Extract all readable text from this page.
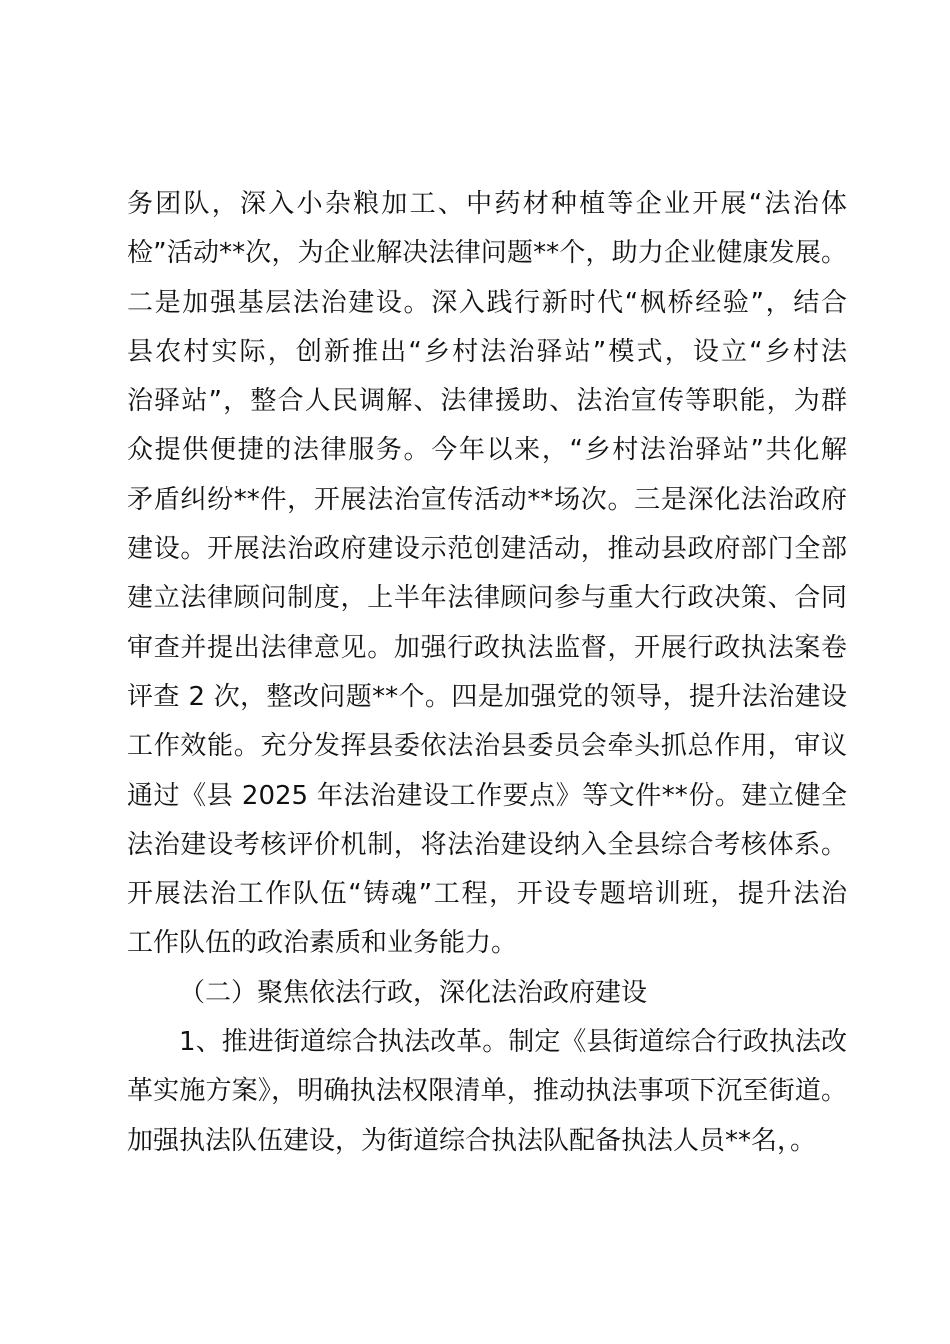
务团队，深入小杂粮加工、中药材种植等企业开展“法治体
检”活动**次，为企业解决法律问题**个，助力企业健康发展。
二是加强基层法治建设。深入践行新时代“枫桥经验”，结合
县农村实际，创新推出“乡村法治驿站”模式，设立“乡村法
治驿站”，整合人民调解、法律援助、法治宣传等职能，为群
众提供便捷的法律服务。今年以来，“乡村法治驿站”共化解
矛盾纠纷**件，开展法治宣传活动**场次。三是深化法治政府
建设。开展法治政府建设示范创建活动，推动县政府部门全部
建立法律顾问制度，上半年法律顾问参与重大行政决策、合同
审查并提出法律意见。加强行政执法监督，开展行政执法案卷
评查 2 次，整改问题**个。四是加强党的领导，提升法治建设
工作效能。充分发挥县委依法治县委员会牵头抓总作用，审议
通过《县 2025 年法治建设工作要点》等文件**份。建立健全
法治建设考核评价机制，将法治建设纳入全县综合考核体系。
开展法治工作队伍“铸魂”工程，开设专题培训班，提升法治
工作队伍的政治素质和业务能力。
（二）聚焦依法行政，深化法治政府建设
1、推进街道综合执法改革。制定《县街道综合行政执法改
革实施方案》，明确执法权限清单，推动执法事项下沉至街道。
加强执法队伍建设，为街道综合执法队配备执法人员**名，。
